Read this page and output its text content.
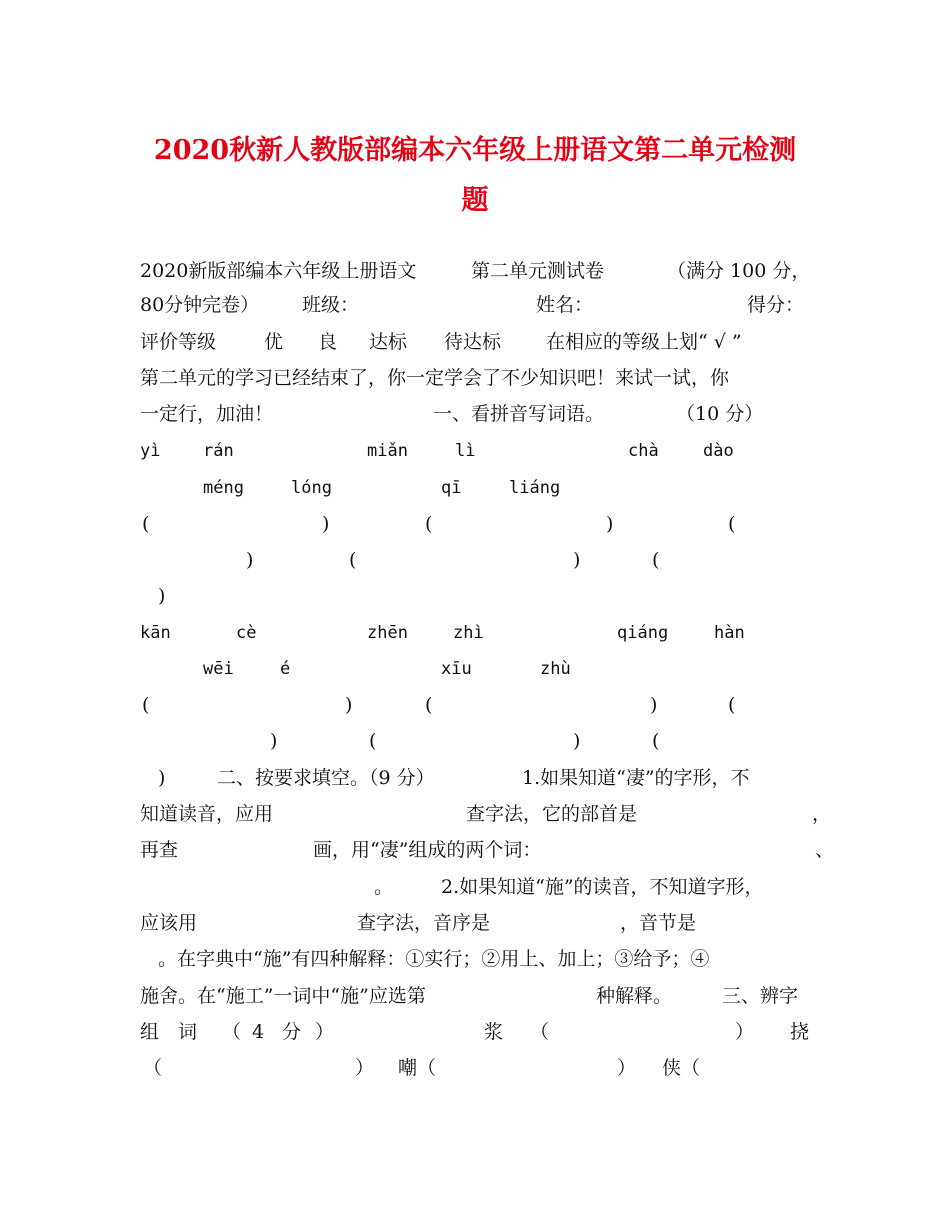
2020秋新人教版部编本六年级上册语文第二单元检测
题
2020新版部编本六年级上册语文	第二单元测试卷	（满分 100 分，
80分钟完卷） 班级：	姓名：	得分：
评价等级	优 良 达标 待达标 在相应的等级上划“ √ ”
第二单元的学习已经结束了，你一定学会了不少知识吧！来试一试，你
一定行，加油！	一、看拼音写词语。	（10 分）
yì	rán	miǎn	lì	chà	dào
méng	lóng	qī	liáng
(	)	(	)	(
)	(	)	(
)
kān	cè	zhēn	zhì	qiáng	hàn
wēi	é	xīu	zhù
(	)	(	)	(
)	(	)	(
)	二、按要求填空。（9 分）	1.如果知道“凄”的字形，不
知道读音，应用	查字法，它的部首是	，
再查	画，用“凄”组成的两个词：	、
。	2.如果知道“施”的读音，不知道字形，
应该用	查字法，音序是	，音节是
。在字典中“施”有四种解释：①实行；②用上、加上；③给予；④
施舍。在“施工”一词中“施”应选第	种解释。	三、辨字
组 词 （ 4 分 ）	浆 （	） 挠
（	） 嘲（	） 侠（
